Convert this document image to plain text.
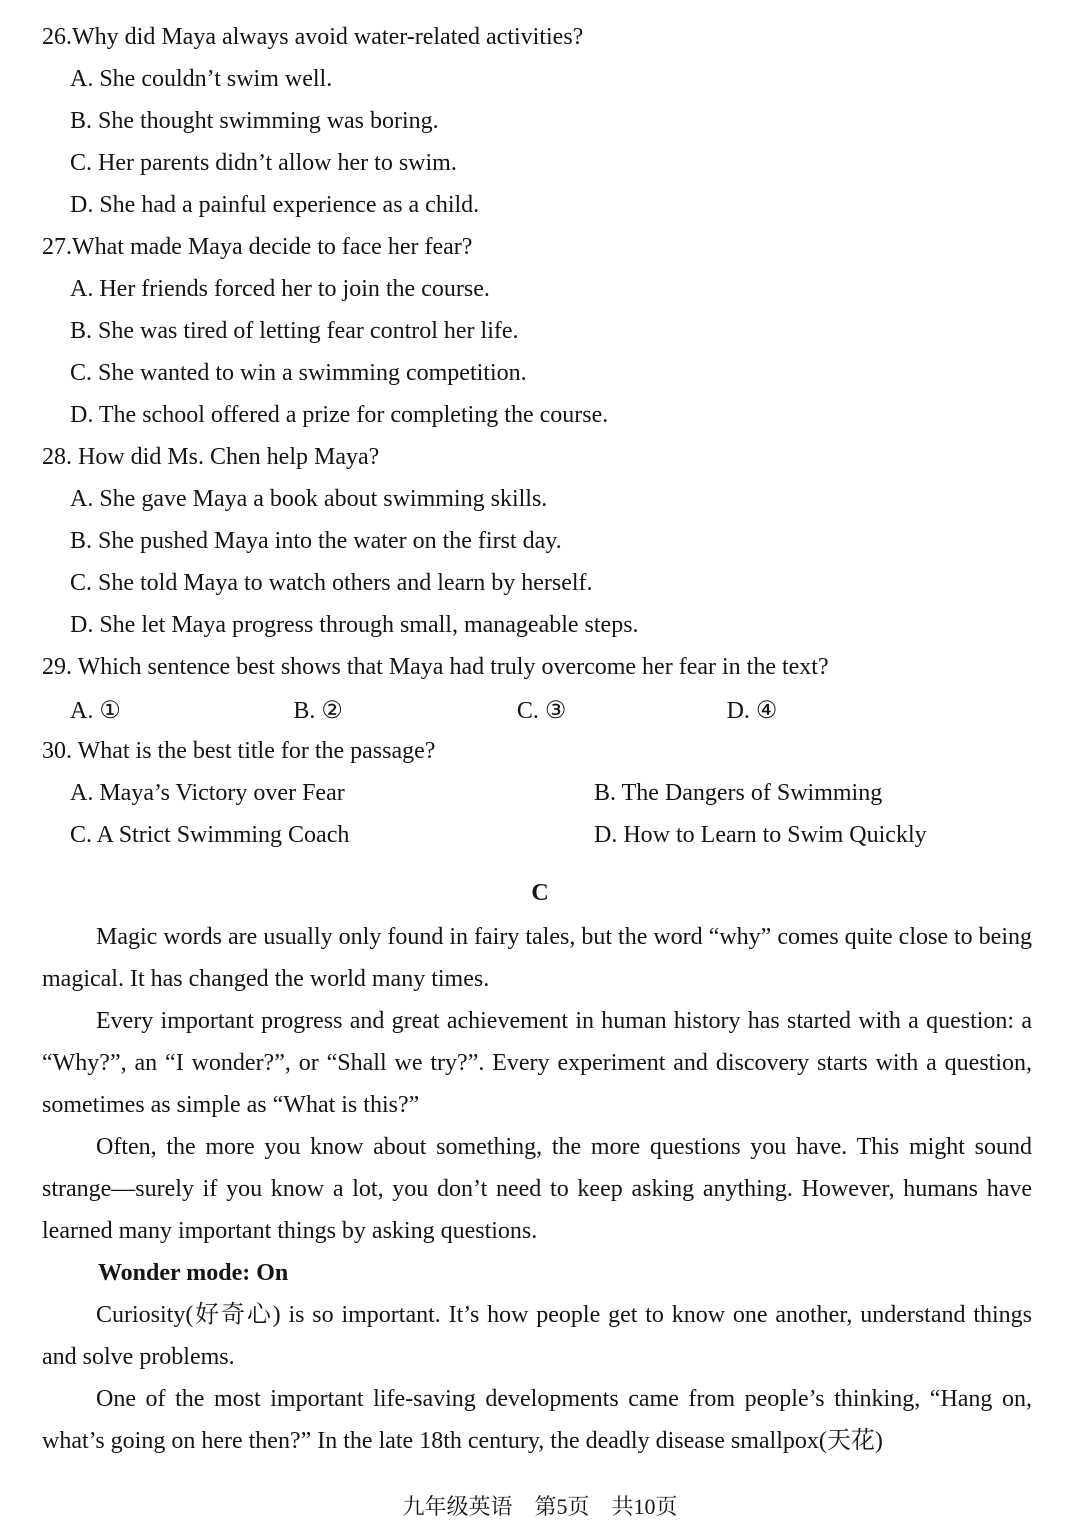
26.Why did Maya always avoid water-related activities?
A. She couldn’t swim well.
B. She thought swimming was boring.
C. Her parents didn’t allow her to swim.
D. She had a painful experience as a child.
27.What made Maya decide to face her fear?
A. Her friends forced her to join the course.
B. She was tired of letting fear control her life.
C. She wanted to win a swimming competition.
D. The school offered a prize for completing the course.
28. How did Ms. Chen help Maya?
A. She gave Maya a book about swimming skills.
B. She pushed Maya into the water on the first day.
C. She told Maya to watch others and learn by herself.
D. She let Maya progress through small, manageable steps.
29. Which sentence best shows that Maya had truly overcome her fear in the text?
A. ①	B. ②	C. ③	D. ④
30. What is the best title for the passage?
A. Maya’s Victory over Fear	B. The Dangers of Swimming
C. A Strict Swimming Coach	D. How to Learn to Swim Quickly
C
Magic words are usually only found in fairy tales, but the word “why” comes quite close to being magical. It has changed the world many times.
Every important progress and great achievement in human history has started with a question: a “Why?”, an “I wonder?”, or “Shall we try?”. Every experiment and discovery starts with a question, sometimes as simple as “What is this?”
Often, the more you know about something, the more questions you have. This might sound strange—surely if you know a lot, you don’t need to keep asking anything. However, humans have learned many important things by asking questions.
Wonder mode: On
Curiosity(好奇心) is so important. It’s how people get to know one another, understand things and solve problems.
One of the most important life-saving developments came from people’s thinking, “Hang on, what’s going on here then?” In the late 18th century, the deadly disease smallpox(天花)
九年级英语　第5页　共10页
